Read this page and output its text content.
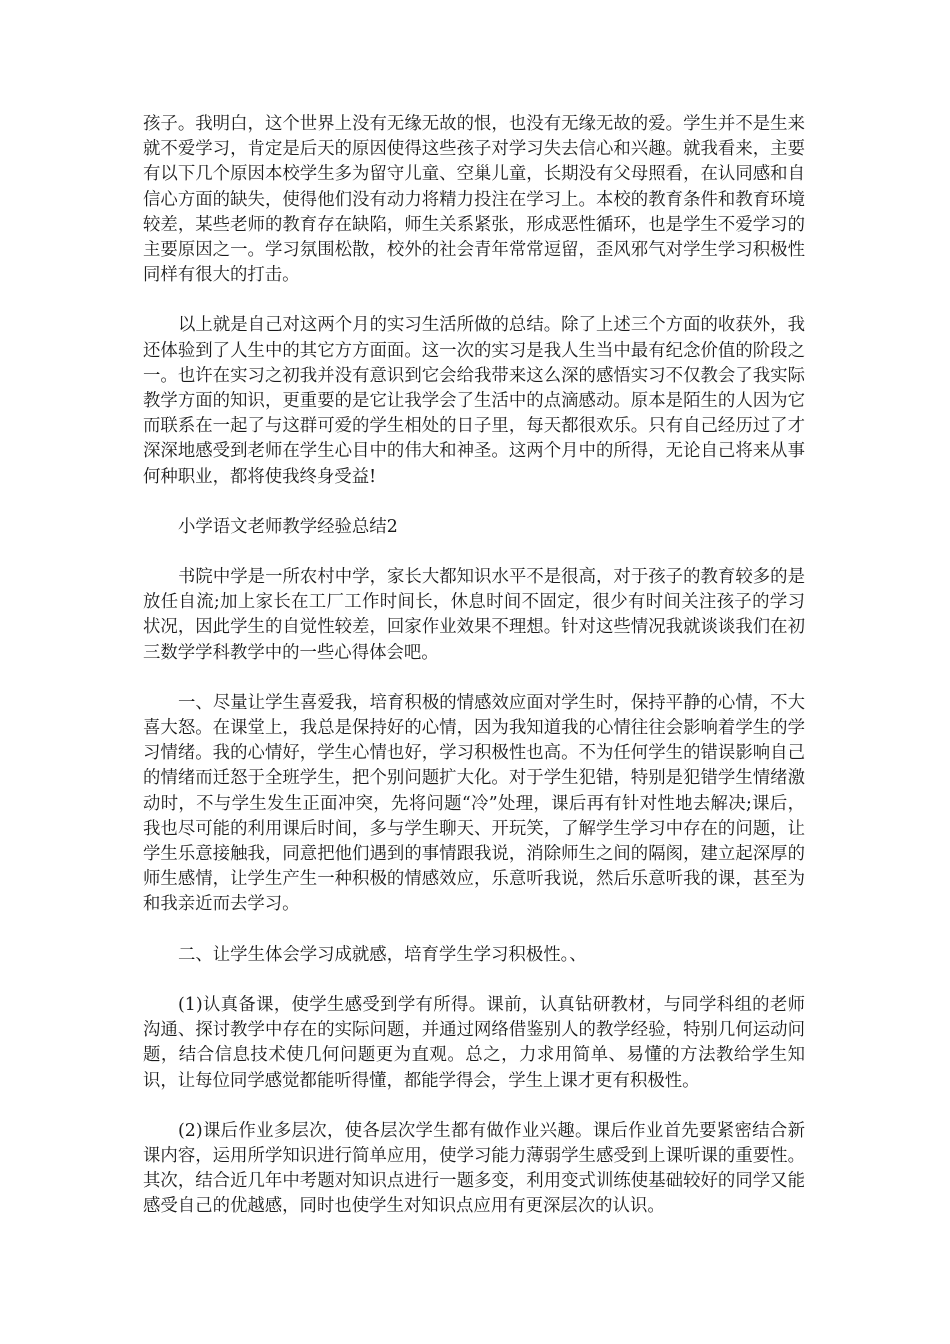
孩子。我明白，这个世界上没有无缘无故的恨，也没有无缘无故的爱。学生并不是生来就不爱学习，肯定是后天的原因使得这些孩子对学习失去信心和兴趣。就我看来，主要有以下几个原因本校学生多为留守儿童、空巢儿童，长期没有父母照看，在认同感和自信心方面的缺失，使得他们没有动力将精力投注在学习上。本校的教育条件和教育环境较差，某些老师的教育存在缺陷，师生关系紧张，形成恶性循环，也是学生不爱学习的主要原因之一。学习氛围松散，校外的社会青年常常逗留，歪风邪气对学生学习积极性同样有很大的打击。

以上就是自己对这两个月的实习生活所做的总结。除了上述三个方面的收获外，我还体验到了人生中的其它方方面面。这一次的实习是我人生当中最有纪念价值的阶段之一。也许在实习之初我并没有意识到它会给我带来这么深的感悟实习不仅教会了我实际教学方面的知识，更重要的是它让我学会了生活中的点滴感动。原本是陌生的人因为它而联系在一起了与这群可爱的学生相处的日子里，每天都很欢乐。只有自己经历过了才深深地感受到老师在学生心目中的伟大和神圣。这两个月中的所得，无论自己将来从事何种职业，都将使我终身受益!

小学语文老师教学经验总结2

书院中学是一所农村中学，家长大都知识水平不是很高，对于孩子的教育较多的是放任自流;加上家长在工厂工作时间长，休息时间不固定，很少有时间关注孩子的学习状况，因此学生的自觉性较差，回家作业效果不理想。针对这些情况我就谈谈我们在初三数学学科教学中的一些心得体会吧。

一、尽量让学生喜爱我，培育积极的情感效应面对学生时，保持平静的心情，不大喜大怒。在课堂上，我总是保持好的心情，因为我知道我的心情往往会影响着学生的学习情绪。我的心情好，学生心情也好，学习积极性也高。不为任何学生的错误影响自己的情绪而迁怒于全班学生，把个别问题扩大化。对于学生犯错，特别是犯错学生情绪激动时，不与学生发生正面冲突，先将问题“冷”处理，课后再有针对性地去解决;课后，我也尽可能的利用课后时间，多与学生聊天、开玩笑，了解学生学习中存在的问题，让学生乐意接触我，同意把他们遇到的事情跟我说，消除师生之间的隔阂，建立起深厚的师生感情，让学生产生一种积极的情感效应，乐意听我说，然后乐意听我的课，甚至为和我亲近而去学习。

二、让学生体会学习成就感，培育学生学习积极性。、

(1)认真备课，使学生感受到学有所得。课前，认真钻研教材，与同学科组的老师沟通、探讨教学中存在的实际问题，并通过网络借鉴别人的教学经验，特别几何运动问题，结合信息技术使几何问题更为直观。总之，力求用简单、易懂的方法教给学生知识，让每位同学感觉都能听得懂，都能学得会，学生上课才更有积极性。

(2)课后作业多层次，使各层次学生都有做作业兴趣。课后作业首先要紧密结合新课内容，运用所学知识进行简单应用，使学习能力薄弱学生感受到上课听课的重要性。其次，结合近几年中考题对知识点进行一题多变，利用变式训练使基础较好的同学又能感受自己的优越感，同时也使学生对知识点应用有更深层次的认识。
